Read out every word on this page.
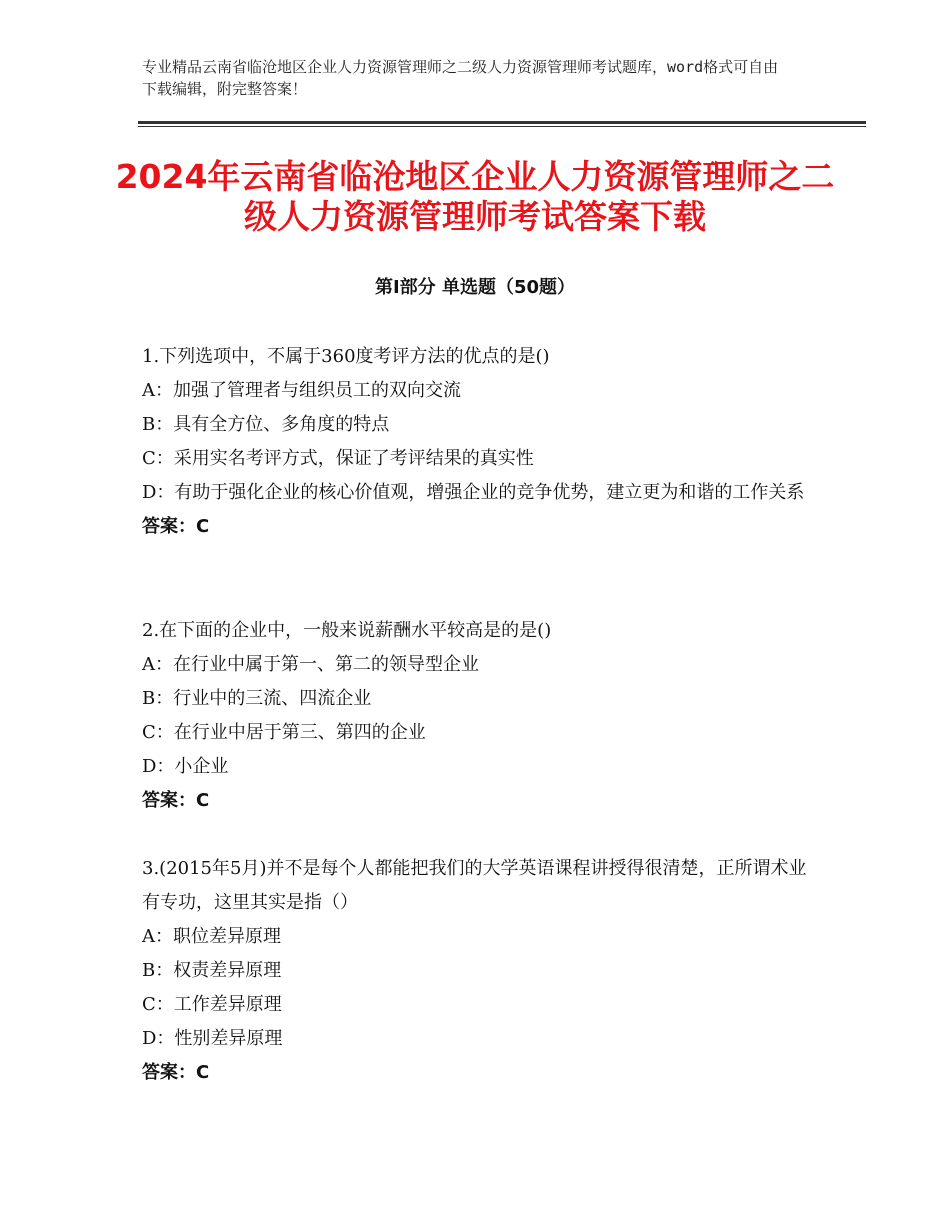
专业精品云南省临沧地区企业人力资源管理师之二级人力资源管理师考试题库，word格式可自由下载编辑，附完整答案！
2024年云南省临沧地区企业人力资源管理师之二级人力资源管理师考试答案下载
第Ⅰ部分 单选题（50题）

1.下列选项中，不属于360度考评方法的优点的是()

A：加强了管理者与组织员工的双向交流

B：具有全方位、多角度的特点

C：采用实名考评方式，保证了考评结果的真实性

D：有助于强化企业的核心价值观，增强企业的竞争优势，建立更为和谐的工作关系

答案：C

2.在下面的企业中，一般来说薪酬水平较高是的是()

A：在行业中属于第一、第二的领导型企业

B：行业中的三流、四流企业

C：在行业中居于第三、第四的企业

D：小企业

答案：C

3.(2015年5月)并不是每个人都能把我们的大学英语课程讲授得很清楚，正所谓术业有专功，这里其实是指（）

A：职位差异原理

B：权责差异原理

C：工作差异原理

D：性别差异原理

答案：C
